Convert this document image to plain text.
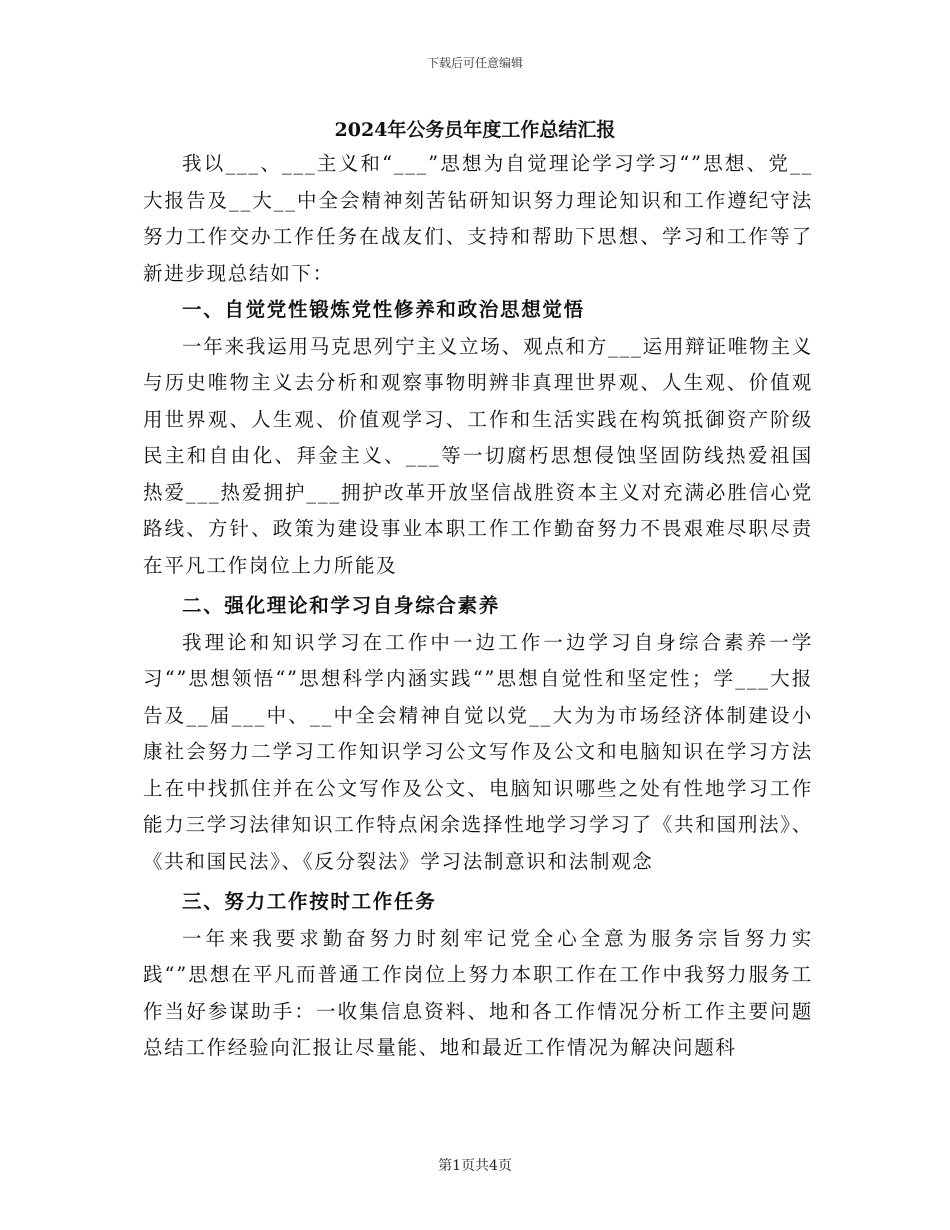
下载后可任意编辑
2024年公务员年度工作总结汇报

我以___、___主义和“___”思想为自觉理论学习学习“”思想、党__大报告及__大__中全会精神刻苦钻研知识努力理论知识和工作遵纪守法努力工作交办工作任务在战友们、支持和帮助下思想、学习和工作等了新进步现总结如下：

一、自觉党性锻炼党性修养和政治思想觉悟

一年来我运用马克思列宁主义立场、观点和方___运用辩证唯物主义与历史唯物主义去分析和观察事物明辨非真理世界观、人生观、价值观用世界观、人生观、价值观学习、工作和生活实践在构筑抵御资产阶级民主和自由化、拜金主义、___等一切腐朽思想侵蚀坚固防线热爱祖国热爱___热爱拥护___拥护改革开放坚信战胜资本主义对充满必胜信心党路线、方针、政策为建设事业本职工作工作勤奋努力不畏艰难尽职尽责在平凡工作岗位上力所能及

二、强化理论和学习自身综合素养

我理论和知识学习在工作中一边工作一边学习自身综合素养一学习“”思想领悟“”思想科学内涵实践“”思想自觉性和坚定性；学___大报告及__届___中、__中全会精神自觉以党__大为为市场经济体制建设小康社会努力二学习工作知识学习公文写作及公文和电脑知识在学习方法上在中找抓住并在公文写作及公文、电脑知识哪些之处有性地学习工作能力三学习法律知识工作特点闲余选择性地学习学习了《共和国刑法》、《共和国民法》、《反分裂法》学习法制意识和法制观念

三、努力工作按时工作任务

一年来我要求勤奋努力时刻牢记党全心全意为服务宗旨努力实践“”思想在平凡而普通工作岗位上努力本职工作在工作中我努力服务工作当好参谋助手：一收集信息资料、地和各工作情况分析工作主要问题总结工作经验向汇报让尽量能、地和最近工作情况为解决问题科

第1页共4页
